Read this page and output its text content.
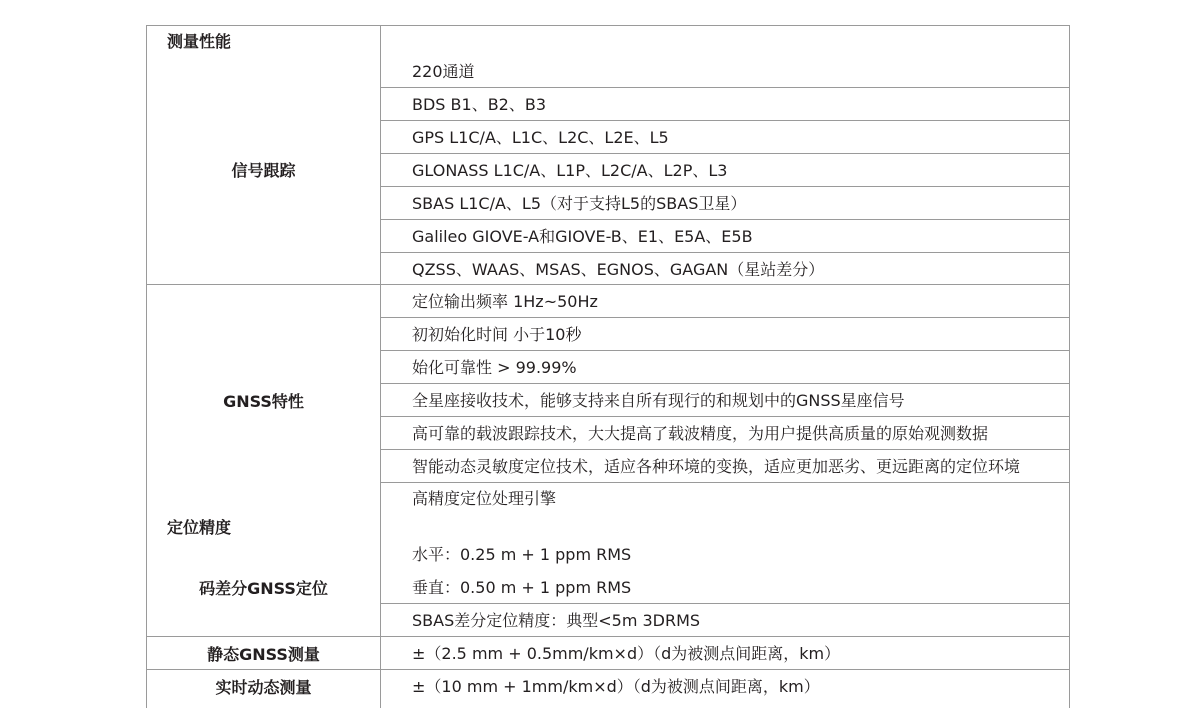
测量性能
信号跟踪
GNSS特性
定位精度
码差分GNSS定位
静态GNSS测量
实时动态测量
220通道
BDS B1、B2、B3
GPS L1C/A、L1C、L2C、L2E、L5
GLONASS L1C/A、L1P、L2C/A、L2P、L3
SBAS L1C/A、L5（对于支持L5的SBAS卫星）
Galileo GIOVE-A和GIOVE-B、E1、E5A、E5B
QZSS、WAAS、MSAS、EGNOS、GAGAN（星站差分）
定位输出频率 1Hz~50Hz
初初始化时间 小于10秒
始化可靠性 > 99.99%
全星座接收技术，能够支持来自所有现行的和规划中的GNSS星座信号
高可靠的载波跟踪技术，大大提高了载波精度，为用户提供高质量的原始观测数据
智能动态灵敏度定位技术，适应各种环境的变换，适应更加恶劣、更远距离的定位环境
高精度定位处理引擎
水平：0.25 m + 1 ppm RMS
垂直：0.50 m + 1 ppm RMS
SBAS差分定位精度：典型<5m 3DRMS
±（2.5 mm + 0.5mm/km×d）（d为被测点间距离，km）
±（10 mm + 1mm/km×d）（d为被测点间距离，km）
